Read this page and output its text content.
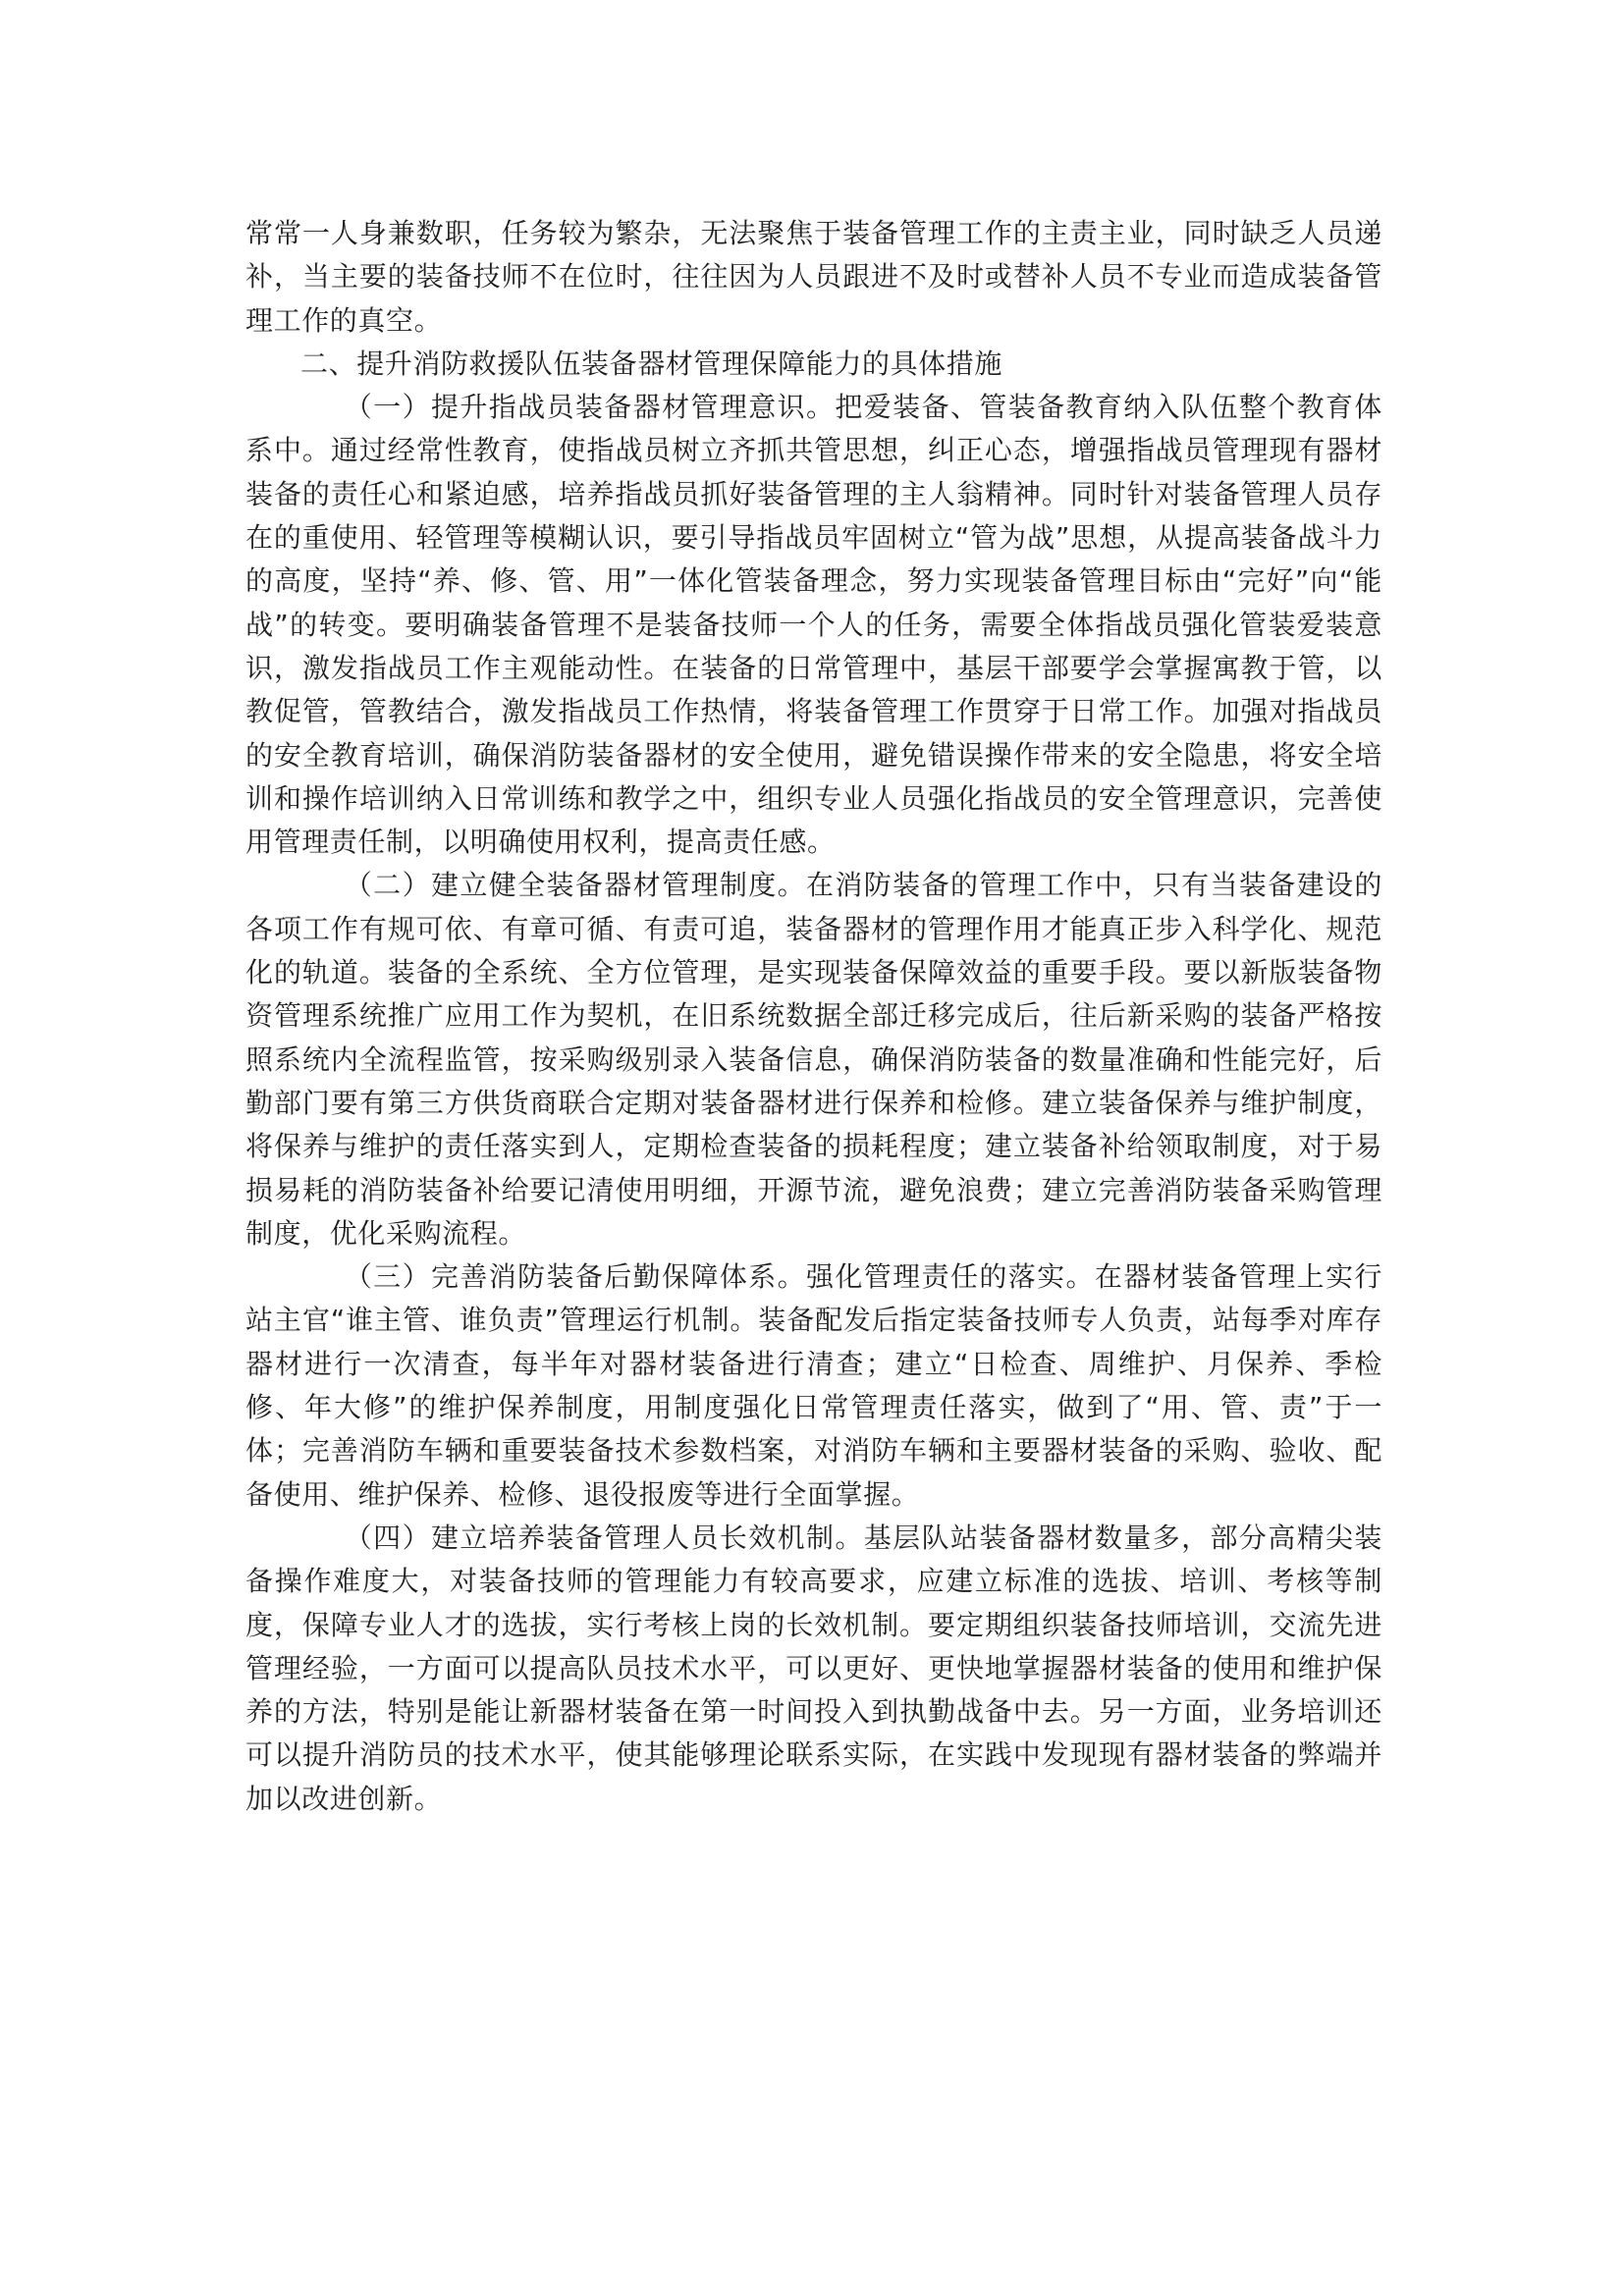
常常一人身兼数职，任务较为繁杂，无法聚焦于装备管理工作的主责主业，同时缺乏人员递补，当主要的装备技师不在位时，往往因为人员跟进不及时或替补人员不专业而造成装备管理工作的真空。

二、提升消防救援队伍装备器材管理保障能力的具体措施

（一）提升指战员装备器材管理意识。把爱装备、管装备教育纳入队伍整个教育体系中。通过经常性教育，使指战员树立齐抓共管思想，纠正心态，增强指战员管理现有器材装备的责任心和紧迫感，培养指战员抓好装备管理的主人翁精神。同时针对装备管理人员存在的重使用、轻管理等模糊认识，要引导指战员牢固树立“管为战”思想，从提高装备战斗力的高度，坚持“养、修、管、用”一体化管装备理念，努力实现装备管理目标由“完好”向“能战”的转变。要明确装备管理不是装备技师一个人的任务，需要全体指战员强化管装爱装意识，激发指战员工作主观能动性。在装备的日常管理中，基层干部要学会掌握寓教于管，以教促管，管教结合，激发指战员工作热情，将装备管理工作贯穿于日常工作。加强对指战员的安全教育培训，确保消防装备器材的安全使用，避免错误操作带来的安全隐患，将安全培训和操作培训纳入日常训练和教学之中，组织专业人员强化指战员的安全管理意识，完善使用管理责任制，以明确使用权利，提高责任感。

（二）建立健全装备器材管理制度。在消防装备的管理工作中，只有当装备建设的各项工作有规可依、有章可循、有责可追，装备器材的管理作用才能真正步入科学化、规范化的轨道。装备的全系统、全方位管理，是实现装备保障效益的重要手段。要以新版装备物资管理系统推广应用工作为契机，在旧系统数据全部迁移完成后，往后新采购的装备严格按照系统内全流程监管，按采购级别录入装备信息，确保消防装备的数量准确和性能完好，后勤部门要有第三方供货商联合定期对装备器材进行保养和检修。建立装备保养与维护制度，将保养与维护的责任落实到人，定期检查装备的损耗程度；建立装备补给领取制度，对于易损易耗的消防装备补给要记清使用明细，开源节流，避免浪费；建立完善消防装备采购管理制度，优化采购流程。

（三）完善消防装备后勤保障体系。强化管理责任的落实。在器材装备管理上实行站主官“谁主管、谁负责”管理运行机制。装备配发后指定装备技师专人负责，站每季对库存器材进行一次清查，每半年对器材装备进行清查；建立“日检查、周维护、月保养、季检修、年大修”的维护保养制度，用制度强化日常管理责任落实，做到了“用、管、责”于一体；完善消防车辆和重要装备技术参数档案，对消防车辆和主要器材装备的采购、验收、配备使用、维护保养、检修、退役报废等进行全面掌握。

（四）建立培养装备管理人员长效机制。基层队站装备器材数量多，部分高精尖装备操作难度大，对装备技师的管理能力有较高要求，应建立标准的选拔、培训、考核等制度，保障专业人才的选拔，实行考核上岗的长效机制。要定期组织装备技师培训，交流先进管理经验，一方面可以提高队员技术水平，可以更好、更快地掌握器材装备的使用和维护保养的方法，特别是能让新器材装备在第一时间投入到执勤战备中去。另一方面，业务培训还可以提升消防员的技术水平，使其能够理论联系实际，在实践中发现现有器材装备的弊端并加以改进创新。
